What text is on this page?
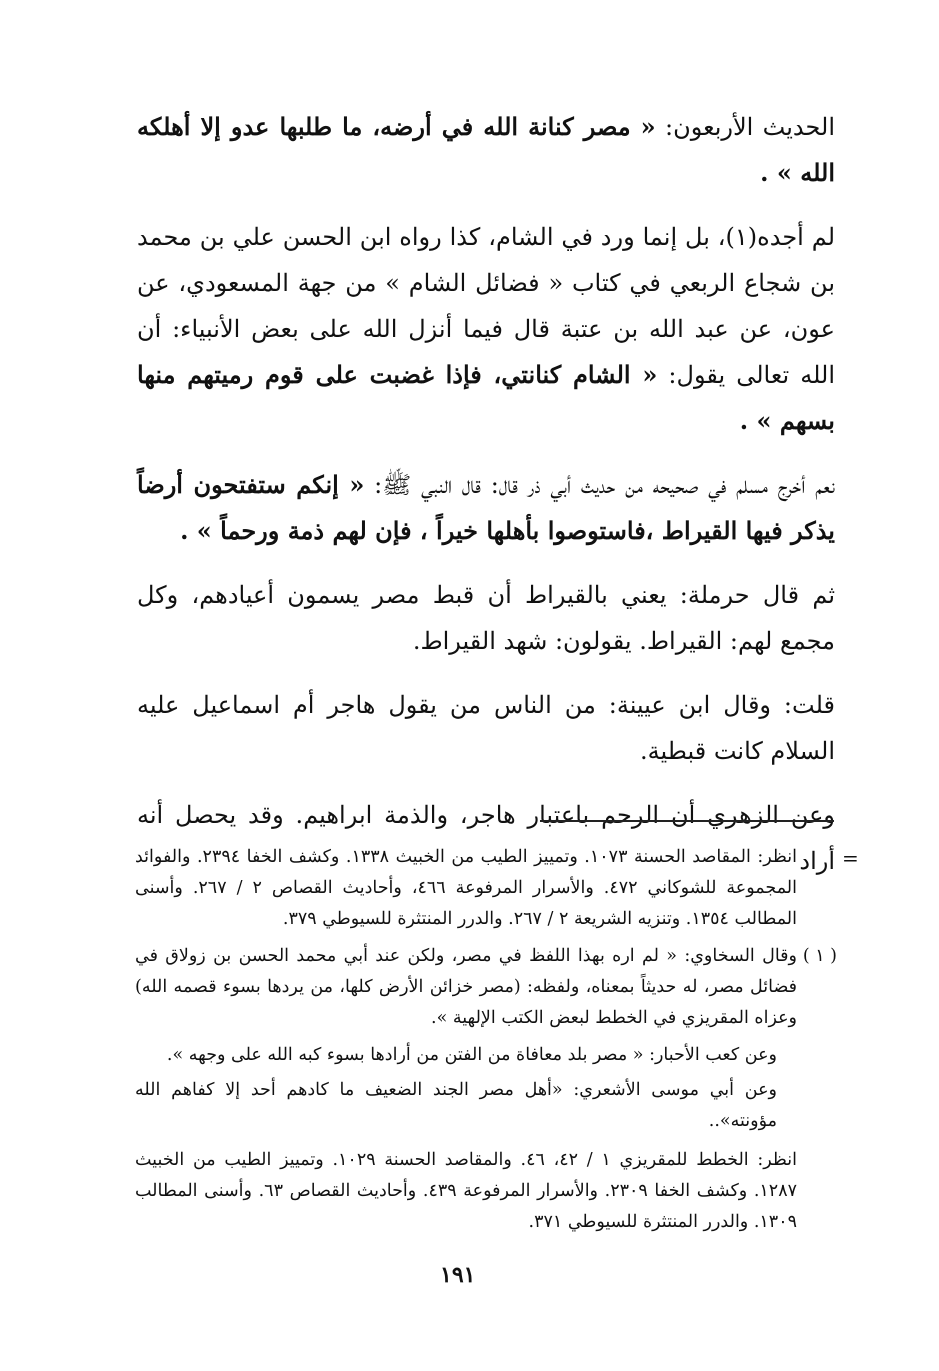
الحديث الأربعون: « مصر كنانة الله في أرضه، ما طلبها عدو إلا أهلكه الله » .

لم أجده(١)، بل إنما ورد في الشام، كذا رواه ابن الحسن علي بن محمد بن شجاع الربعي في كتاب « فضائل الشام » من جهة المسعودي، عن عون، عن عبد الله بن عتبة قال فيما أنزل الله على بعض الأنبياء: أن الله تعالى يقول: « الشام كنانتي، فإذا غضبت على قوم رميتهم منها بسهم » .

نعم أخرج مسلم في صحيحه من حديث أبي ذر قال: قال النبي ﷺ: « إنكم ستفتحون أرضاً يذكر فيها القيراط ،فاستوصوا بأهلها خيراً ، فإن لهم ذمة ورحماً » .

ثم قال حرملة: يعني بالقيراط أن قبط مصر يسمون أعيادهم، وكل مجمع لهم: القيراط. يقولون: شهد القيراط.

قلت: وقال ابن عيينة: من الناس من يقول هاجر أم اسماعيل عليه السلام كانت قبطية.

وعن الزهري أن الرحم باعتبار هاجر، والذمة ابراهيم. وقد يحصل أنه أراد =

انظر: المقاصد الحسنة ١٠٧٣. وتمييز الطيب من الخبيث ١٣٣٨. وكشف الخفا ٢٣٩٤. والفوائد المجموعة للشوكاني ٤٧٢. والأسرار المرفوعة ٤٦٦، وأحاديث القصاص ٢ / ٢٦٧. وأسنى المطالب ١٣٥٤. وتنزيه الشريعة ٢ / ٢٦٧. والدرر المنتثرة للسيوطي ٣٧٩.

( ١ )

وقال السخاوي: « لم اره بهذا اللفظ في مصر، ولكن عند أبي محمد الحسن بن زولاق في فضائل مصر، له حديثاً بمعناه، ولفظه: (مصر خزائن الأرض كلها، من يردها بسوء قصمه الله) وعزاه المقريزي في الخطط لبعض الكتب الإلهية ».

وعن كعب الأحبار: « مصر بلد معافاة من الفتن من أرادها بسوء كبه الله على وجهه ».

وعن أبي موسى الأشعري: «أهل مصر الجند الضعيف ما كادهم أحد إلا كفاهم الله مؤونته»..

انظر: الخطط للمقريزي ١ / ٤٢، ٤٦. والمقاصد الحسنة ١٠٢٩. وتمييز الطيب من الخبيث ١٢٨٧. وكشف الخفا ٢٣٠٩. والأسرار المرفوعة ٤٣٩. وأحاديث القصاص ٦٣. وأسنى المطالب ١٣٠٩. والدرر المنتثرة للسيوطي ٣٧١.

١٩١
